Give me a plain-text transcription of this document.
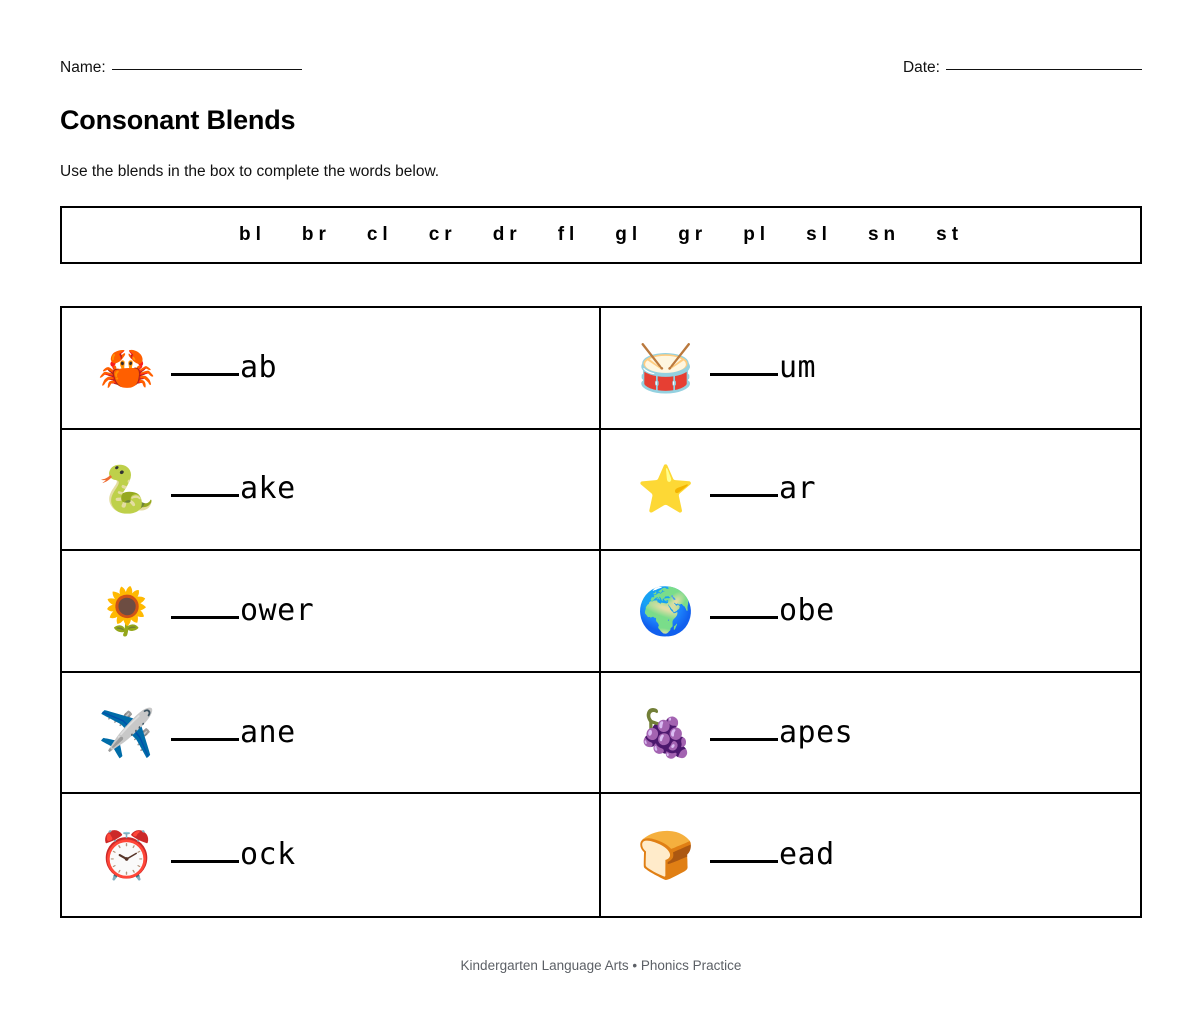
Name:	Date:
Consonant Blends
Use the blends in the box to complete the words below.
bl br cl cr dr fl gl gr pl sl sn st
🦀	ab	🥁	um
🐍	ake	⭐	ar
🌻	ower	🌍	obe
✈️	ane	🍇	apes
⏰	ock	🍞	ead
Kindergarten Language Arts • Phonics Practice
